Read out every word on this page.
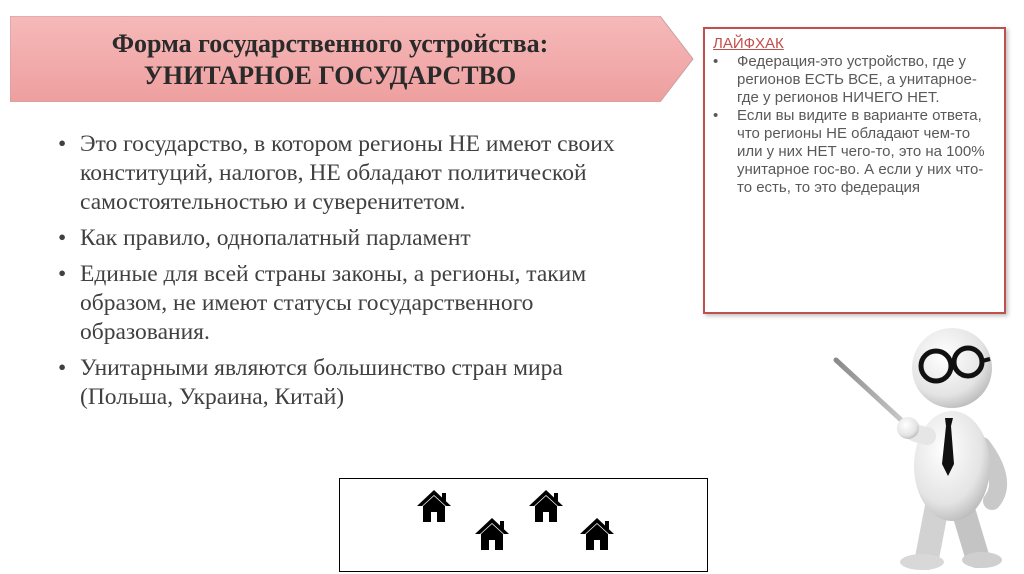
Форма государственного устройства:
УНИТАРНОЕ ГОСУДАРСТВО
ЛАЙФХАК
• Федерация-это устройство, где у регионов ЕСТЬ ВСЕ, а унитарное-где у регионов НИЧЕГО НЕТ.
• Если вы видите в варианте ответа, что регионы НЕ обладают чем-то или у них НЕТ чего-то, это на 100% унитарное гос-во. А если у них что-то есть, то это федерация
• Это государство, в котором регионы НЕ имеют своих конституций, налогов, НЕ обладают политической самостоятельностью и суверенитетом.
• Как правило, однопалатный парламент
• Единые для всей страны законы, а регионы, таким образом, не имеют статусы государственного образования.
• Унитарными являются большинство стран мира (Польша, Украина, Китай)
